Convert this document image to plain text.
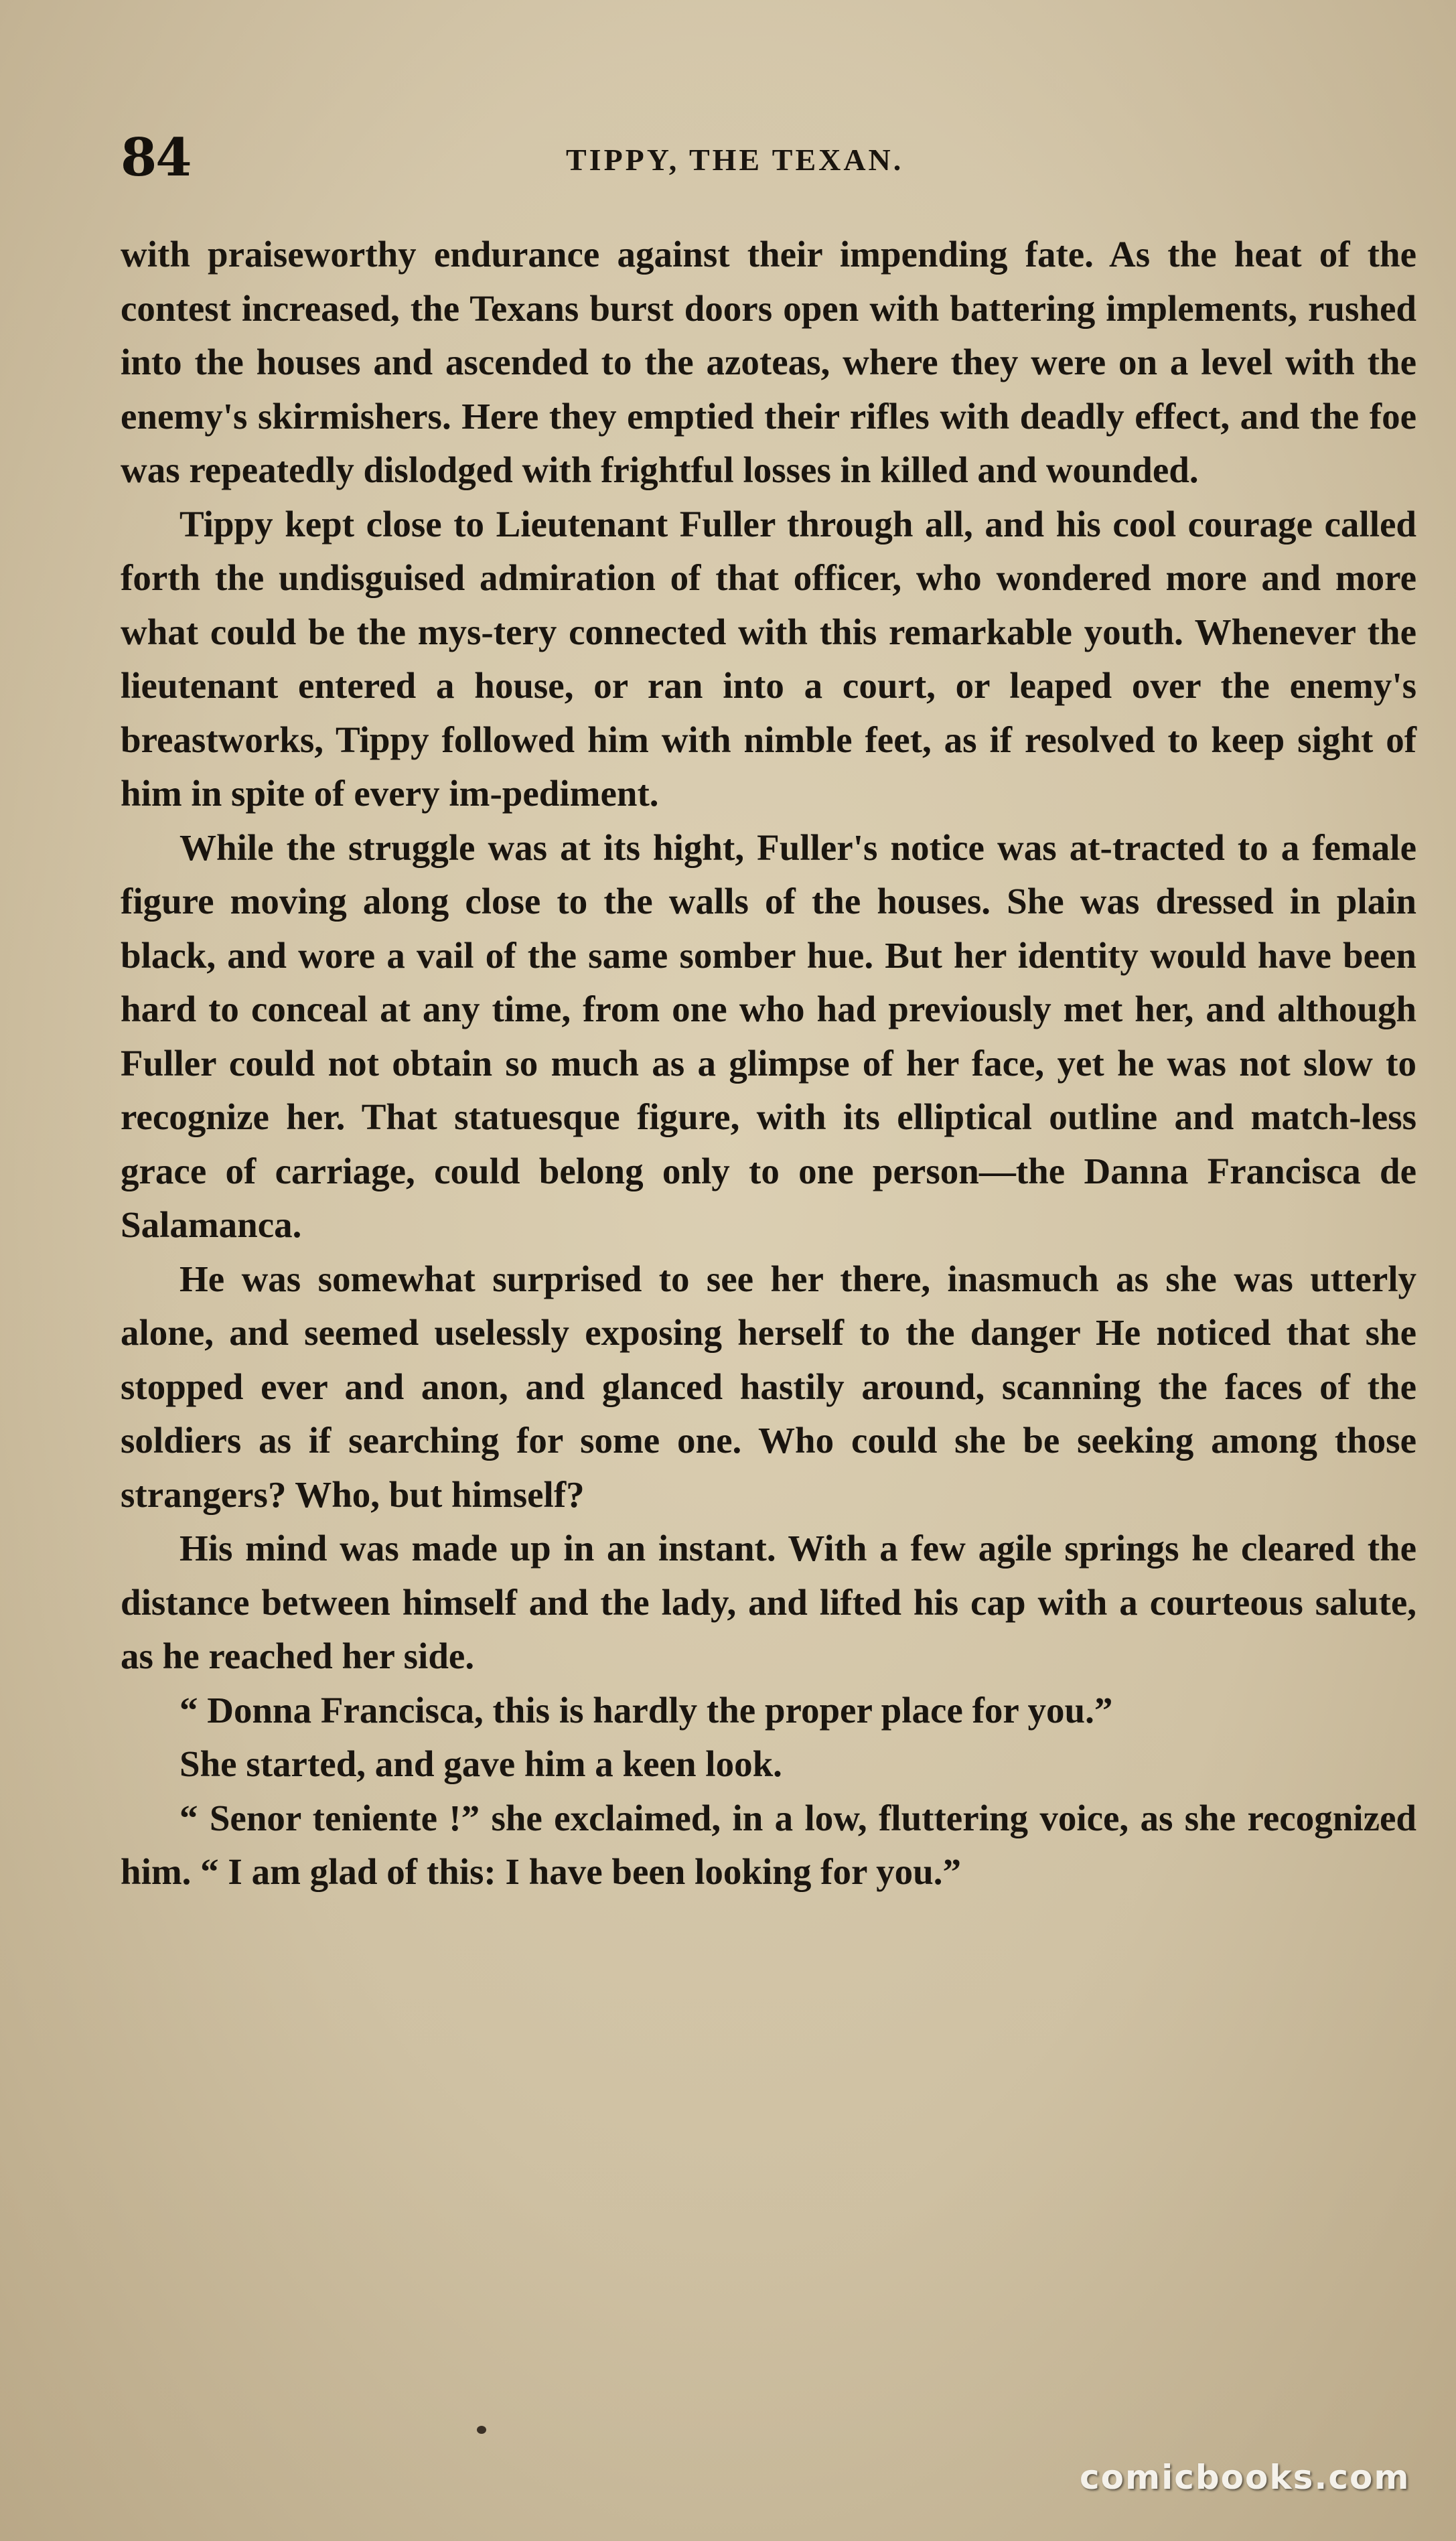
84	TIPPY, THE TEXAN.

with praiseworthy endurance against their impending fate. As the heat of the contest increased, the Texans burst doors open with battering implements, rushed into the houses and ascended to the azoteas, where they were on a level with the enemy's skirmishers. Here they emptied their rifles with deadly effect, and the foe was repeatedly dislodged with frightful losses in killed and wounded.

Tippy kept close to Lieutenant Fuller through all, and his cool courage called forth the undisguised admiration of that officer, who wondered more and more what could be the mys-tery connected with this remarkable youth. Whenever the lieutenant entered a house, or ran into a court, or leaped over the enemy's breastworks, Tippy followed him with nimble feet, as if resolved to keep sight of him in spite of every im-pediment.

While the struggle was at its hight, Fuller's notice was at-tracted to a female figure moving along close to the walls of the houses. She was dressed in plain black, and wore a vail of the same somber hue. But her identity would have been hard to conceal at any time, from one who had previously met her, and although Fuller could not obtain so much as a glimpse of her face, yet he was not slow to recognize her. That statuesque figure, with its elliptical outline and match-less grace of carriage, could belong only to one person—the Danna Francisca de Salamanca.

He was somewhat surprised to see her there, inasmuch as she was utterly alone, and seemed uselessly exposing herself to the danger He noticed that she stopped ever and anon, and glanced hastily around, scanning the faces of the soldiers as if searching for some one. Who could she be seeking among those strangers? Who, but himself?

His mind was made up in an instant. With a few agile springs he cleared the distance between himself and the lady, and lifted his cap with a courteous salute, as he reached her side.

“ Donna Francisca, this is hardly the proper place for you.”

She started, and gave him a keen look.

“ Senor teniente !” she exclaimed, in a low, fluttering voice, as she recognized him. “ I am glad of this: I have been looking for you.”

comicbooks.com
